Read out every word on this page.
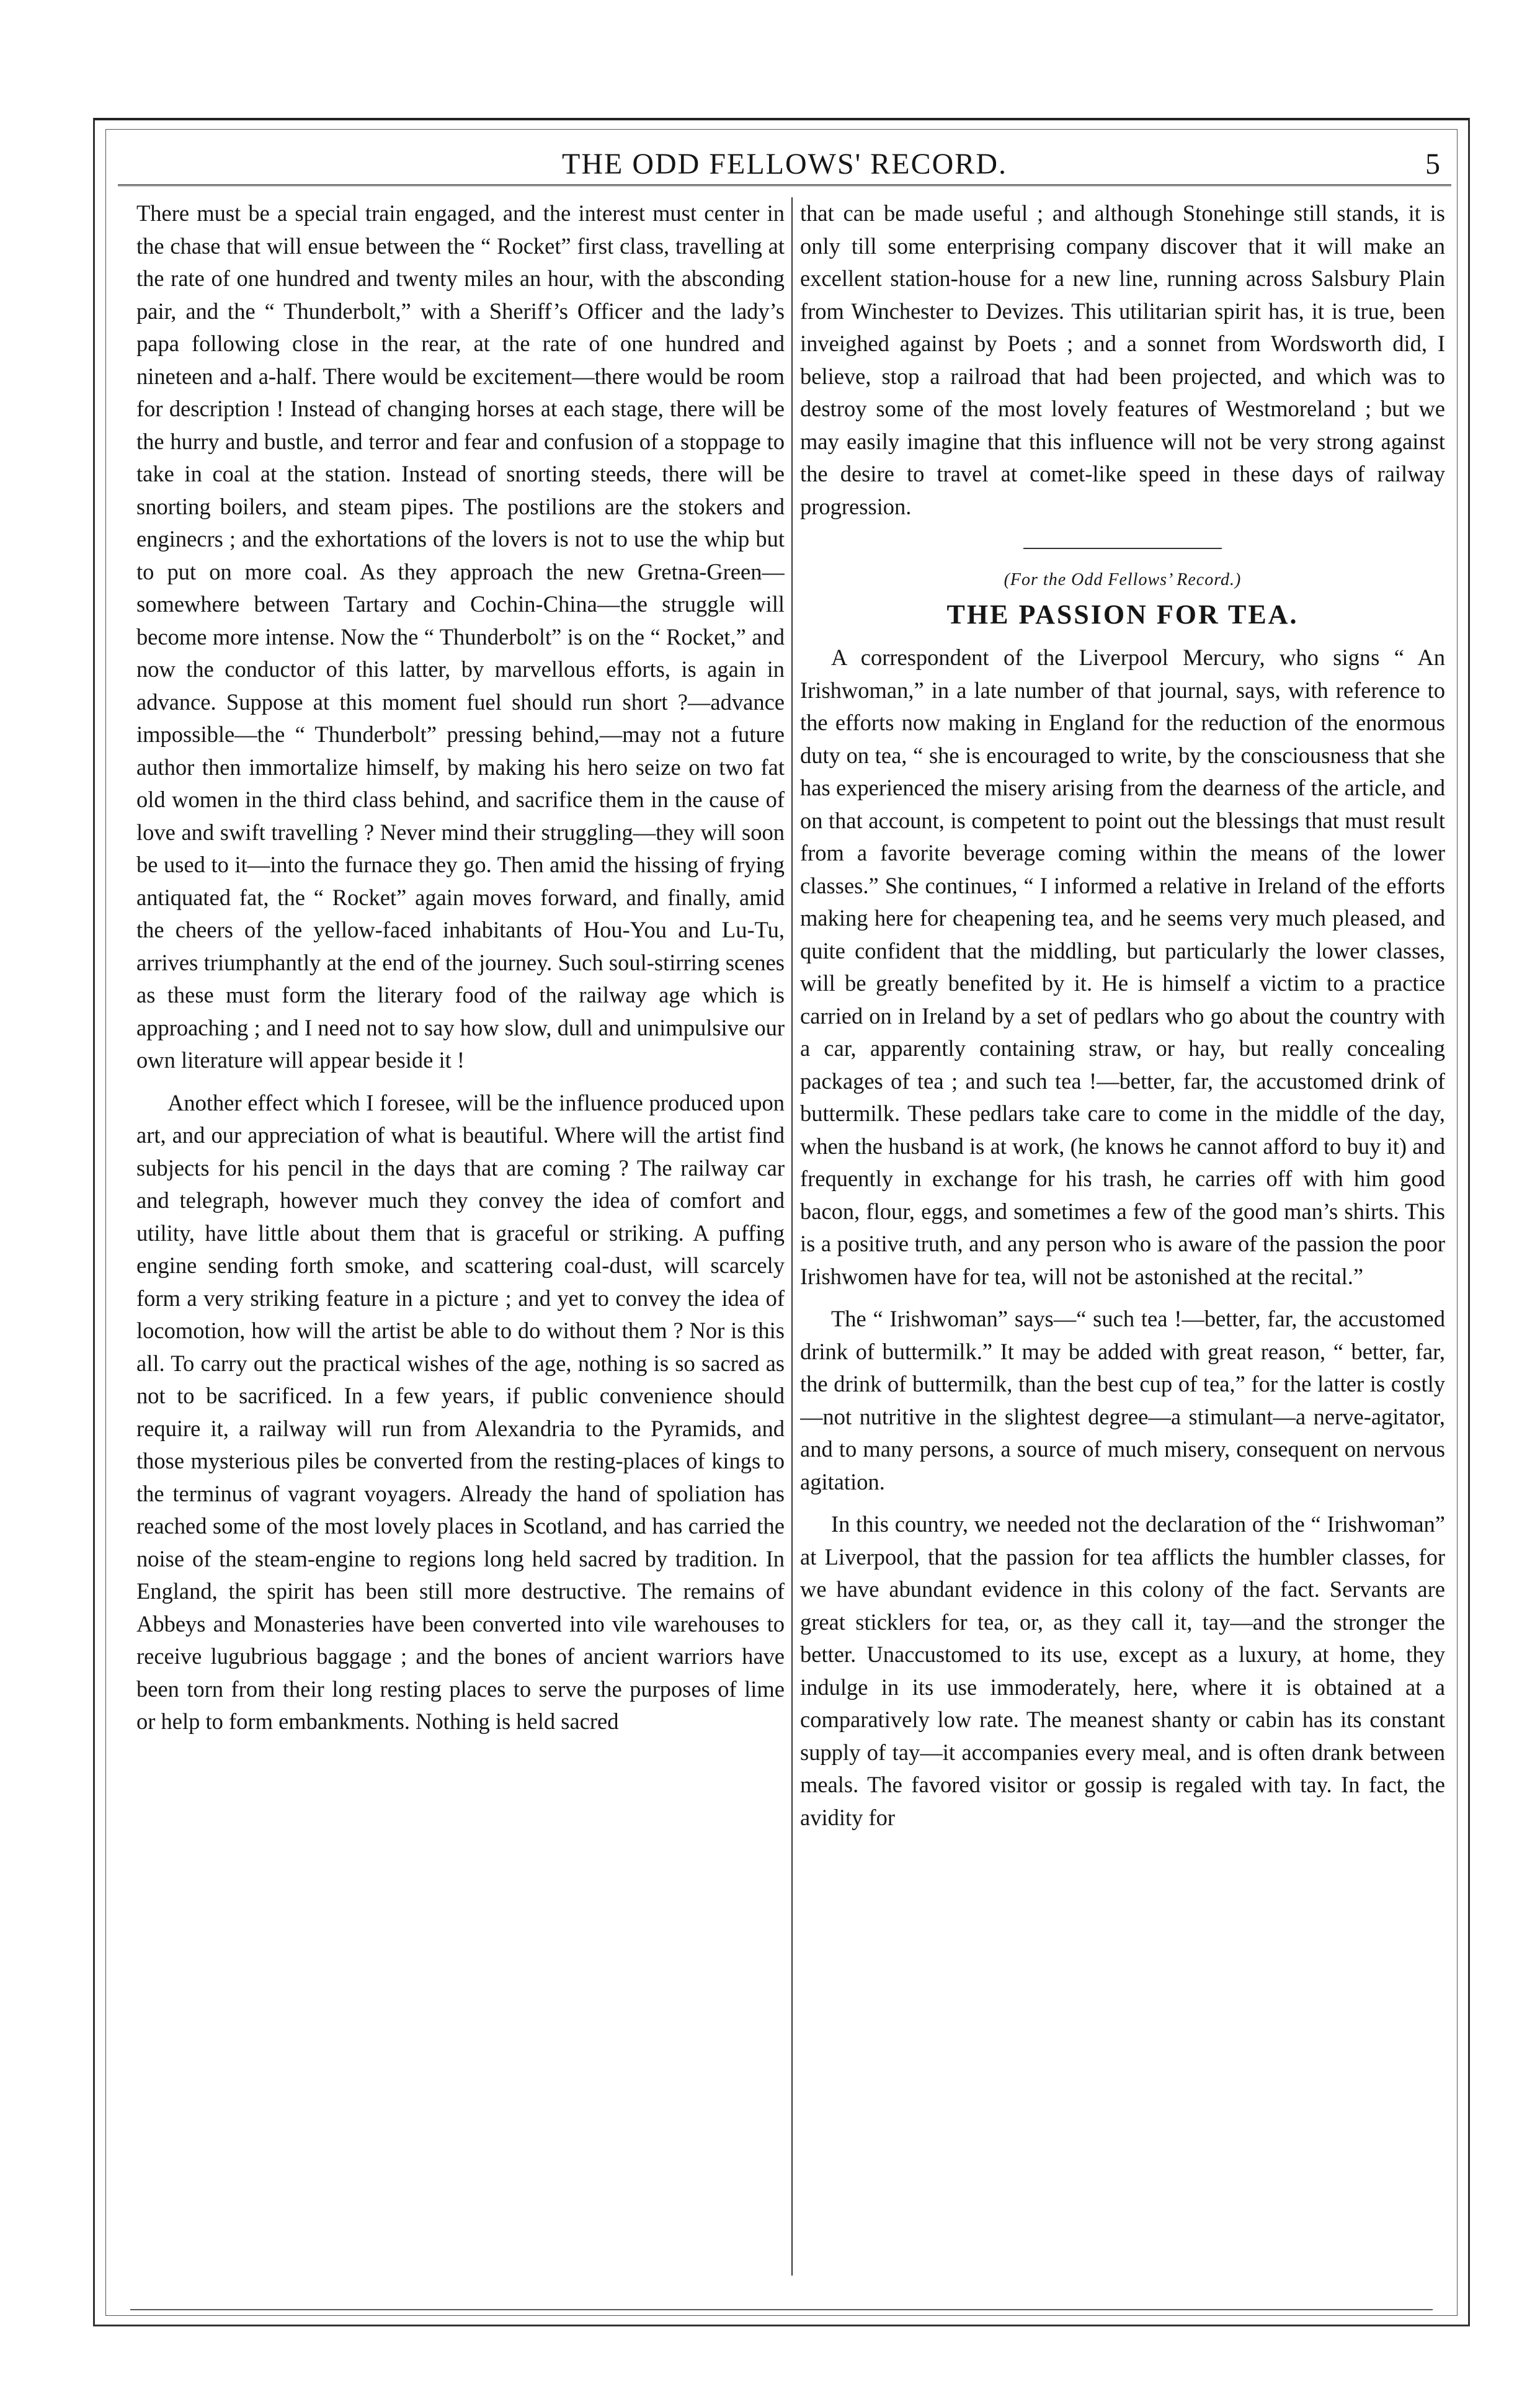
THE ODD FELLOWS' RECORD.	5

There must be a special train engaged, and the interest must center in the chase that will ensue between the “ Rocket” first class, travelling at the rate of one hundred and twenty miles an hour, with the absconding pair, and the “ Thunderbolt,” with a Sheriff’s Officer and the lady’s papa following close in the rear, at the rate of one hundred and nineteen and a-half. There would be excitement—there would be room for description ! Instead of changing horses at each stage, there will be the hurry and bustle, and terror and fear and confusion of a stoppage to take in coal at the station. Instead of snorting steeds, there will be snorting boilers, and steam pipes. The postilions are the stokers and enginecrs ; and the exhortations of the lovers is not to use the whip but to put on more coal. As they approach the new Gretna-Green—somewhere between Tartary and Cochin-China—the struggle will become more intense. Now the “ Thunderbolt” is on the “ Rocket,” and now the conductor of this latter, by marvellous efforts, is again in advance. Suppose at this moment fuel should run short ?—advance impossible—the “ Thunderbolt” pressing behind,—may not a future author then immortalize himself, by making his hero seize on two fat old women in the third class behind, and sacrifice them in the cause of love and swift travelling ? Never mind their struggling—they will soon be used to it—into the furnace they go. Then amid the hissing of frying antiquated fat, the “ Rocket” again moves forward, and finally, amid the cheers of the yellow-faced inhabitants of Hou-You and Lu-Tu, arrives triumphantly at the end of the journey. Such soul-stirring scenes as these must form the literary food of the railway age which is approaching ; and I need not to say how slow, dull and unimpulsive our own literature will appear beside it !

Another effect which I foresee, will be the influence produced upon art, and our appreciation of what is beautiful. Where will the artist find subjects for his pencil in the days that are coming ? The railway car and telegraph, however much they convey the idea of comfort and utility, have little about them that is graceful or striking. A puffing engine sending forth smoke, and scattering coal-dust, will scarcely form a very striking feature in a picture ; and yet to convey the idea of locomotion, how will the artist be able to do without them ? Nor is this all. To carry out the practical wishes of the age, nothing is so sacred as not to be sacrificed. In a few years, if public convenience should require it, a railway will run from Alexandria to the Pyramids, and those mysterious piles be converted from the resting-places of kings to the terminus of vagrant voyagers. Already the hand of spoliation has reached some of the most lovely places in Scotland, and has carried the noise of the steam-engine to regions long held sacred by tradition. In England, the spirit has been still more destructive. The remains of Abbeys and Monasteries have been converted into vile warehouses to receive lugubrious baggage ; and the bones of ancient warriors have been torn from their long resting places to serve the purposes of lime or help to form embankments. Nothing is held sacred

that can be made useful ; and although Stonehinge still stands, it is only till some enterprising company discover that it will make an excellent station-house for a new line, running across Salsbury Plain from Winchester to Devizes. This utilitarian spirit has, it is true, been inveighed against by Poets ; and a sonnet from Wordsworth did, I believe, stop a railroad that had been projected, and which was to destroy some of the most lovely features of Westmoreland ; but we may easily imagine that this influence will not be very strong against the desire to travel at comet-like speed in these days of railway progression.

(For the Odd Fellows’ Record.)
THE PASSION FOR TEA.

A correspondent of the Liverpool Mercury, who signs “ An Irishwoman,” in a late number of that journal, says, with reference to the efforts now making in England for the reduction of the enormous duty on tea, “ she is encouraged to write, by the consciousness that she has experienced the misery arising from the dearness of the article, and on that account, is competent to point out the blessings that must result from a favorite beverage coming within the means of the lower classes.” She continues, “ I informed a relative in Ireland of the efforts making here for cheapening tea, and he seems very much pleased, and quite confident that the middling, but particularly the lower classes, will be greatly benefited by it. He is himself a victim to a practice carried on in Ireland by a set of pedlars who go about the country with a car, apparently containing straw, or hay, but really concealing packages of tea ; and such tea !—better, far, the accustomed drink of buttermilk. These pedlars take care to come in the middle of the day, when the husband is at work, (he knows he cannot afford to buy it) and frequently in exchange for his trash, he carries off with him good bacon, flour, eggs, and sometimes a few of the good man’s shirts. This is a positive truth, and any person who is aware of the passion the poor Irishwomen have for tea, will not be astonished at the recital.”

The “ Irishwoman” says—“ such tea !—better, far, the accustomed drink of buttermilk.” It may be added with great reason, “ better, far, the drink of buttermilk, than the best cup of tea,” for the latter is costly—not nutritive in the slightest degree—a stimulant—a nerve-agitator, and to many persons, a source of much misery, consequent on nervous agitation.

In this country, we needed not the declaration of the “ Irishwoman” at Liverpool, that the passion for tea afflicts the humbler classes, for we have abundant evidence in this colony of the fact. Servants are great sticklers for tea, or, as they call it, tay—and the stronger the better. Unaccustomed to its use, except as a luxury, at home, they indulge in its use immoderately, here, where it is obtained at a comparatively low rate. The meanest shanty or cabin has its constant supply of tay—it accompanies every meal, and is often drank between meals. The favored visitor or gossip is regaled with tay. In fact, the avidity for
